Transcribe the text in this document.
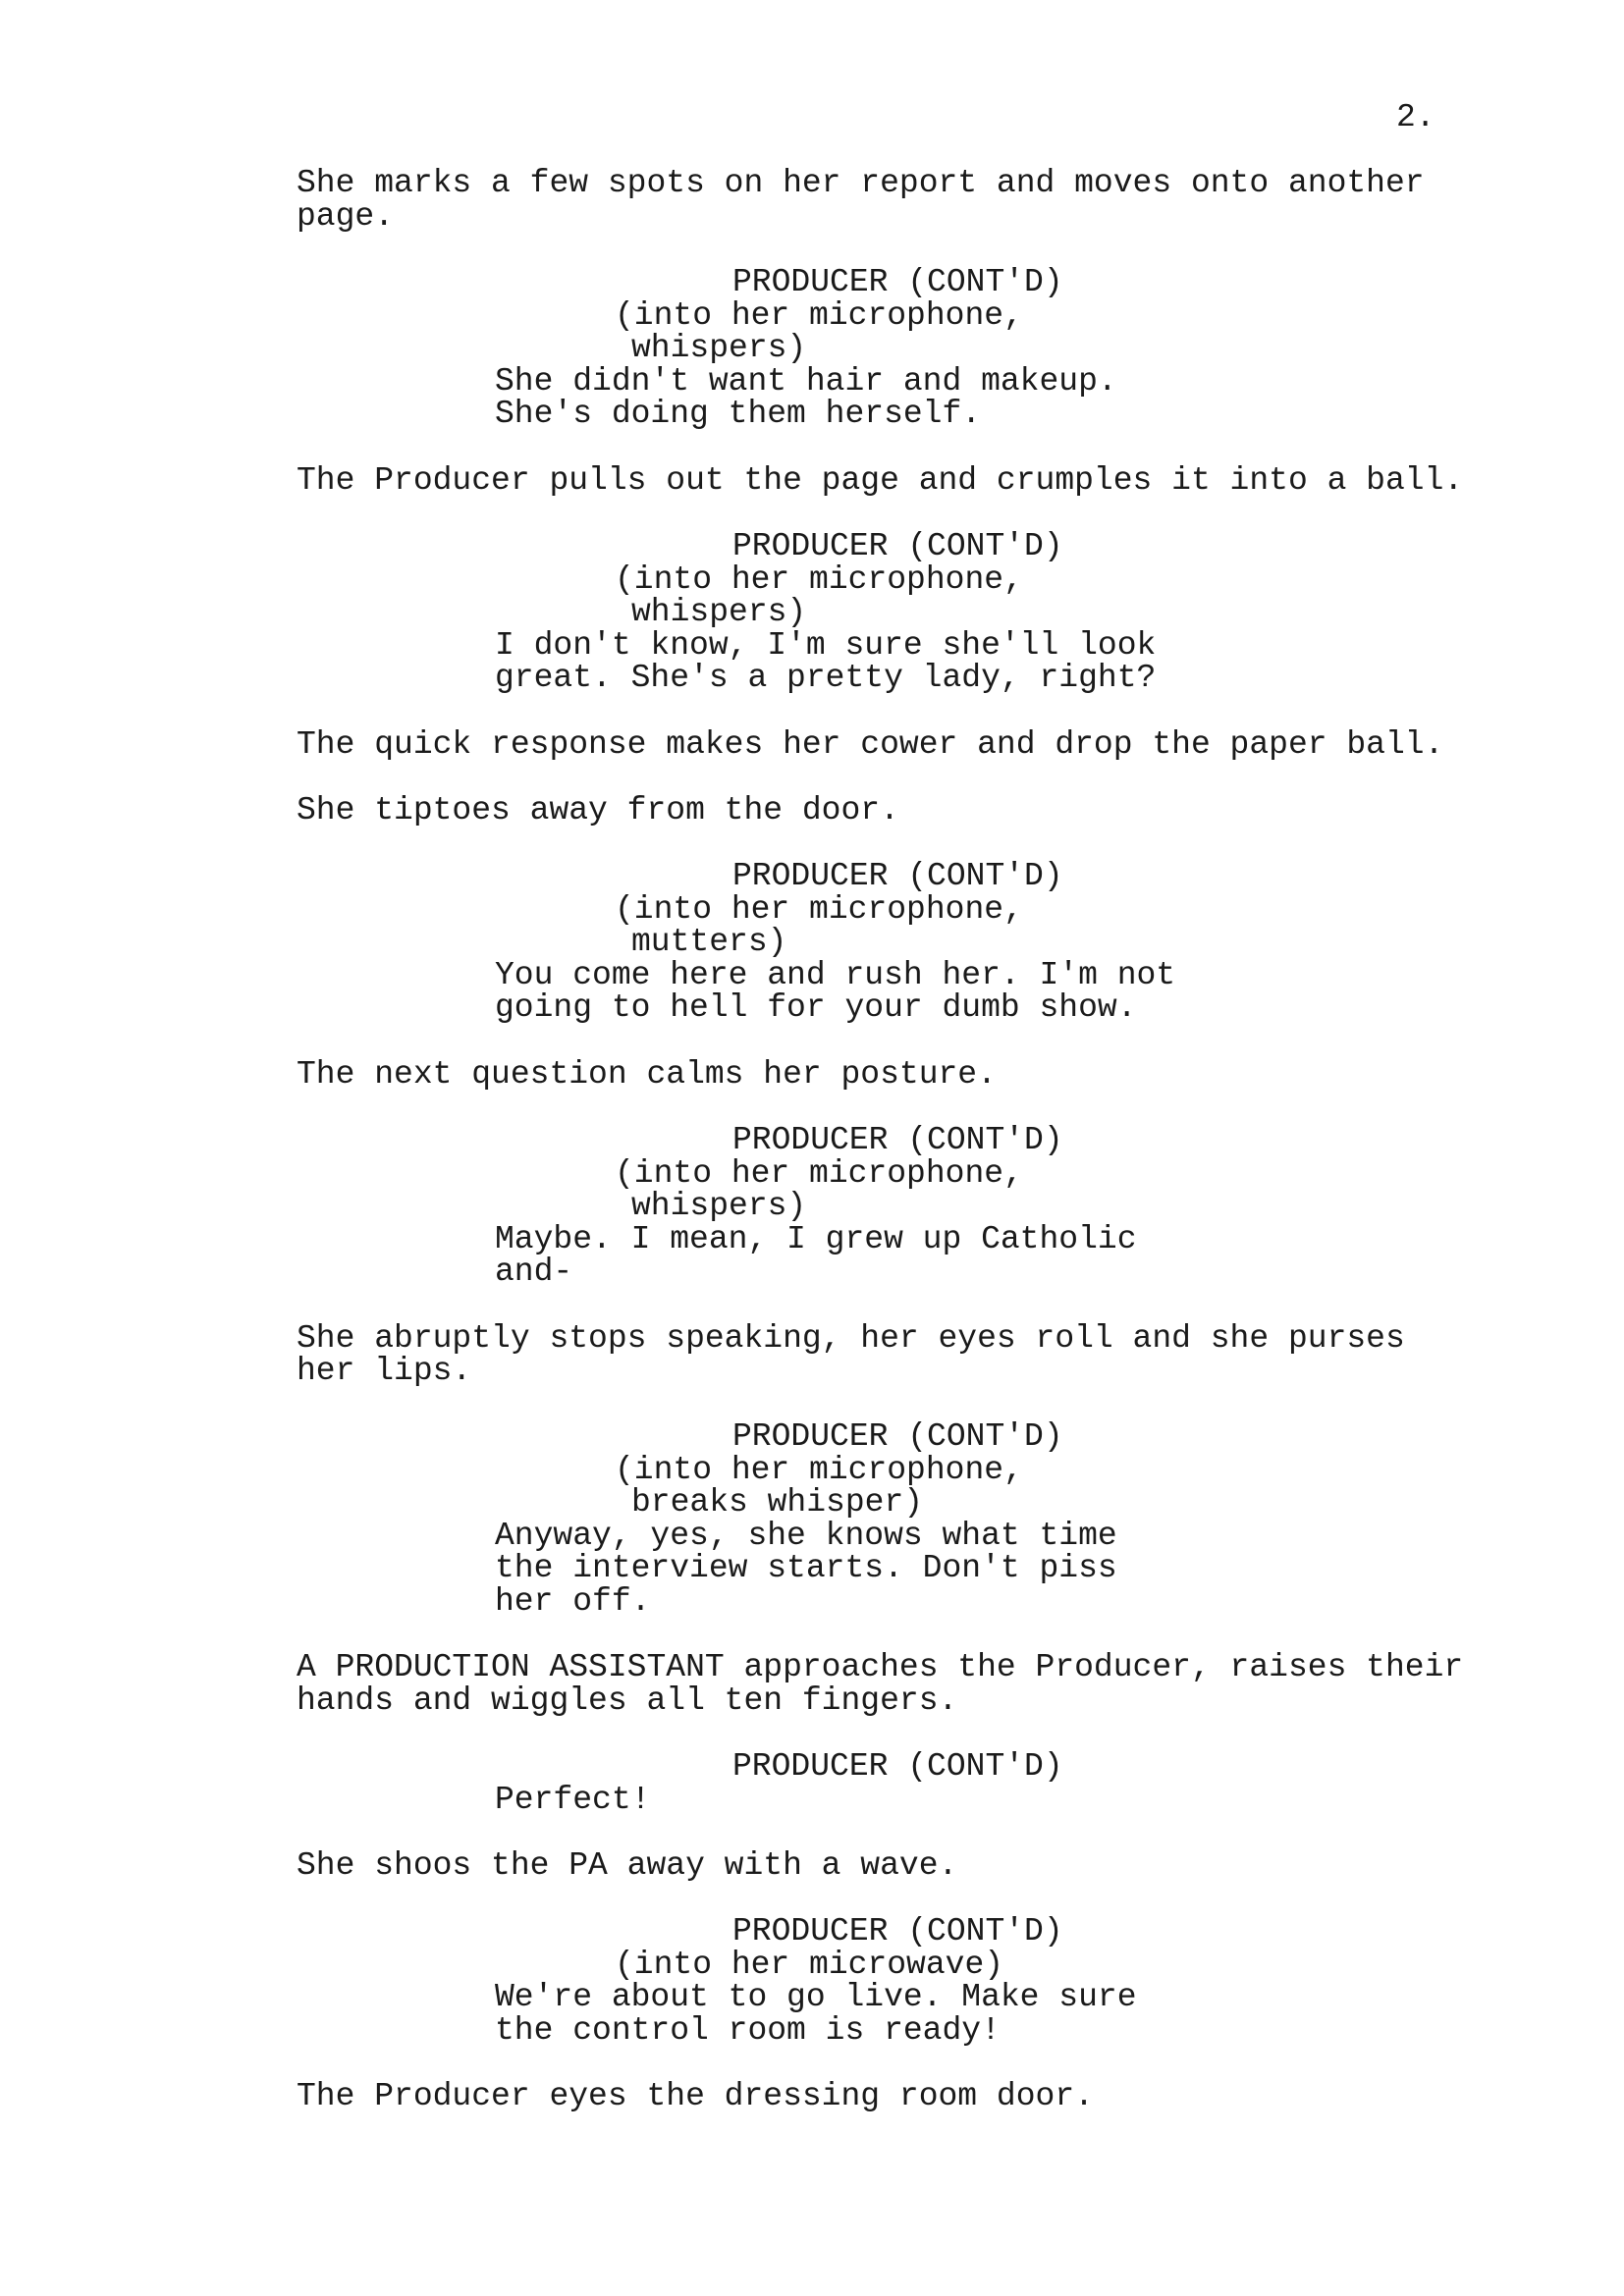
2.
She marks a few spots on her report and moves onto another
page.
PRODUCER (CONT'D)
(into her microphone,
whispers)
She didn't want hair and makeup.
She's doing them herself.
The Producer pulls out the page and crumples it into a ball.
PRODUCER (CONT'D)
(into her microphone,
whispers)
I don't know, I'm sure she'll look
great. She's a pretty lady, right?
The quick response makes her cower and drop the paper ball.
She tiptoes away from the door.
PRODUCER (CONT'D)
(into her microphone,
mutters)
You come here and rush her. I'm not
going to hell for your dumb show.
The next question calms her posture.
PRODUCER (CONT'D)
(into her microphone,
whispers)
Maybe. I mean, I grew up Catholic
and-
She abruptly stops speaking, her eyes roll and she purses
her lips.
PRODUCER (CONT'D)
(into her microphone,
breaks whisper)
Anyway, yes, she knows what time
the interview starts. Don't piss
her off.
A PRODUCTION ASSISTANT approaches the Producer, raises their
hands and wiggles all ten fingers.
PRODUCER (CONT'D)
Perfect!
She shoos the PA away with a wave.
PRODUCER (CONT'D)
(into her microwave)
We're about to go live. Make sure
the control room is ready!
The Producer eyes the dressing room door.
